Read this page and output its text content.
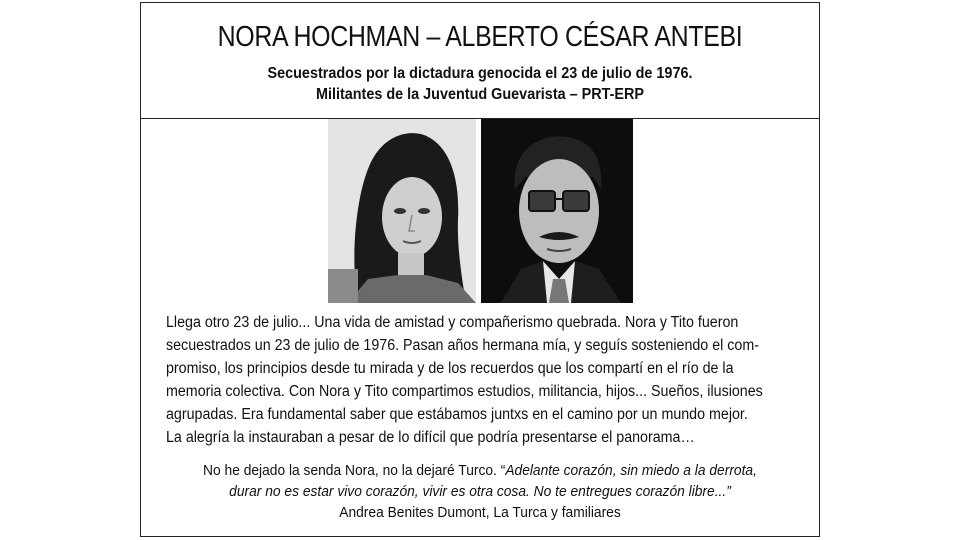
NORA HOCHMAN – ALBERTO CÉSAR ANTEBI
Secuestrados por la dictadura genocida el 23 de julio de 1976.
Militantes de la Juventud Guevarista – PRT-ERP
Llega otro 23 de julio... Una vida de amistad y compañerismo quebrada. Nora y Tito fueron
secuestrados un 23 de julio de 1976. Pasan años hermana mía, y seguís sosteniendo el com-
promiso, los principios desde tu mirada y de los recuerdos que los compartí en el río de la
memoria colectiva. Con Nora y Tito compartimos estudios, militancia, hijos... Sueños, ilusiones
agrupadas. Era fundamental saber que estábamos juntxs en el camino por un mundo mejor.
La alegría la instauraban a pesar de lo difícil que podría presentarse el panorama…
No he dejado la senda Nora, no la dejaré Turco. “Adelante corazón, sin miedo a la derrota,
durar no es estar vivo corazón, vivir es otra cosa. No te entregues corazón libre...”
Andrea Benites Dumont, La Turca y familiares
